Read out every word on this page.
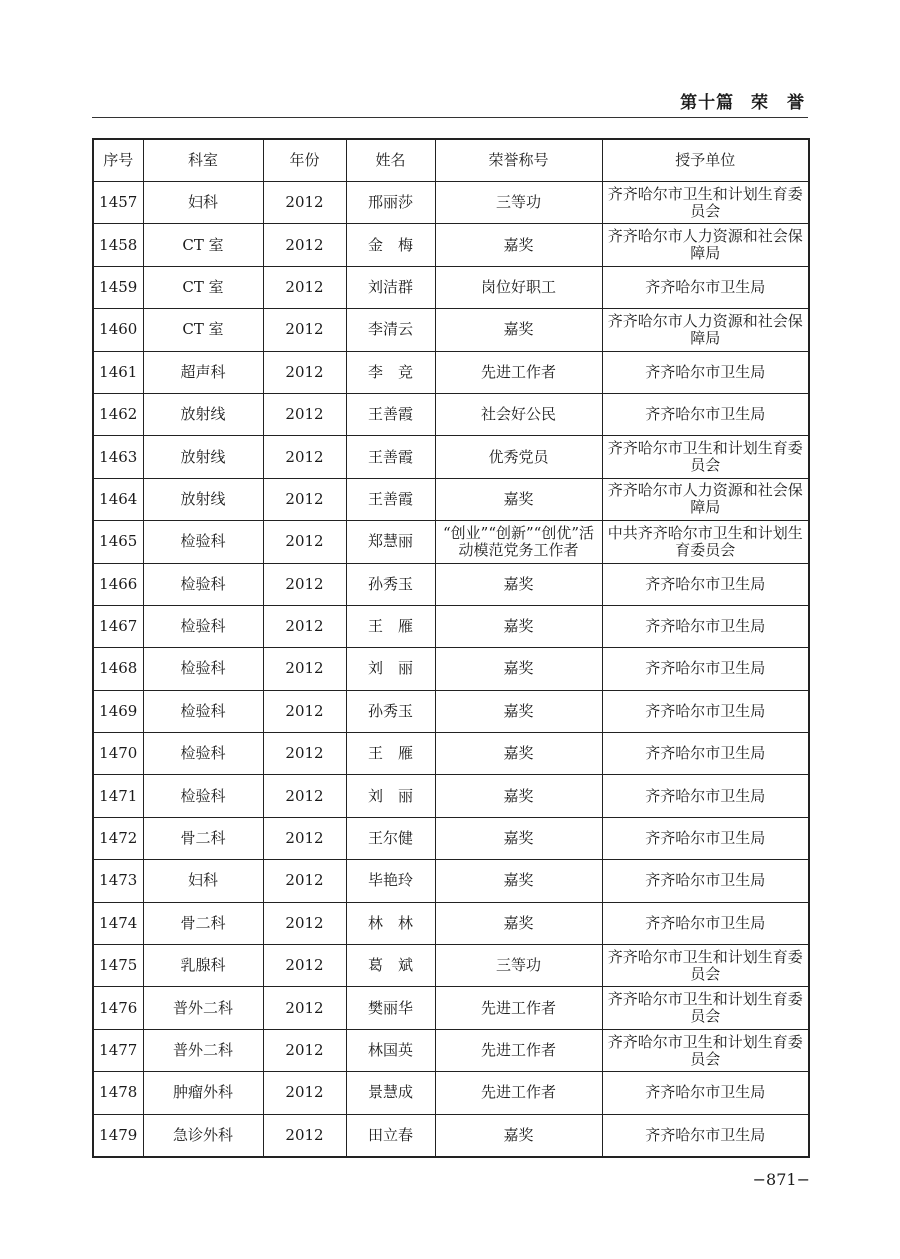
第十篇 荣　誉
序号	科室	年份	姓名	荣誉称号	授予单位
1457	妇科	2012	邢丽莎	三等功	齐齐哈尔市卫生和计划生育委员会
1458	CT 室	2012	金　梅	嘉奖	齐齐哈尔市人力资源和社会保障局
1459	CT 室	2012	刘洁群	岗位好职工	齐齐哈尔市卫生局
1460	CT 室	2012	李清云	嘉奖	齐齐哈尔市人力资源和社会保障局
1461	超声科	2012	李　竞	先进工作者	齐齐哈尔市卫生局
1462	放射线	2012	王善霞	社会好公民	齐齐哈尔市卫生局
1463	放射线	2012	王善霞	优秀党员	齐齐哈尔市卫生和计划生育委员会
1464	放射线	2012	王善霞	嘉奖	齐齐哈尔市人力资源和社会保障局
1465	检验科	2012	郑慧丽	“创业”“创新”“创优”活动模范党务工作者	中共齐齐哈尔市卫生和计划生育委员会
1466	检验科	2012	孙秀玉	嘉奖	齐齐哈尔市卫生局
1467	检验科	2012	王　雁	嘉奖	齐齐哈尔市卫生局
1468	检验科	2012	刘　丽	嘉奖	齐齐哈尔市卫生局
1469	检验科	2012	孙秀玉	嘉奖	齐齐哈尔市卫生局
1470	检验科	2012	王　雁	嘉奖	齐齐哈尔市卫生局
1471	检验科	2012	刘　丽	嘉奖	齐齐哈尔市卫生局
1472	骨二科	2012	王尔健	嘉奖	齐齐哈尔市卫生局
1473	妇科	2012	毕艳玲	嘉奖	齐齐哈尔市卫生局
1474	骨二科	2012	林　林	嘉奖	齐齐哈尔市卫生局
1475	乳腺科	2012	葛　斌	三等功	齐齐哈尔市卫生和计划生育委员会
1476	普外二科	2012	樊丽华	先进工作者	齐齐哈尔市卫生和计划生育委员会
1477	普外二科	2012	林国英	先进工作者	齐齐哈尔市卫生和计划生育委员会
1478	肿瘤外科	2012	景慧成	先进工作者	齐齐哈尔市卫生局
1479	急诊外科	2012	田立春	嘉奖	齐齐哈尔市卫生局
−871−
